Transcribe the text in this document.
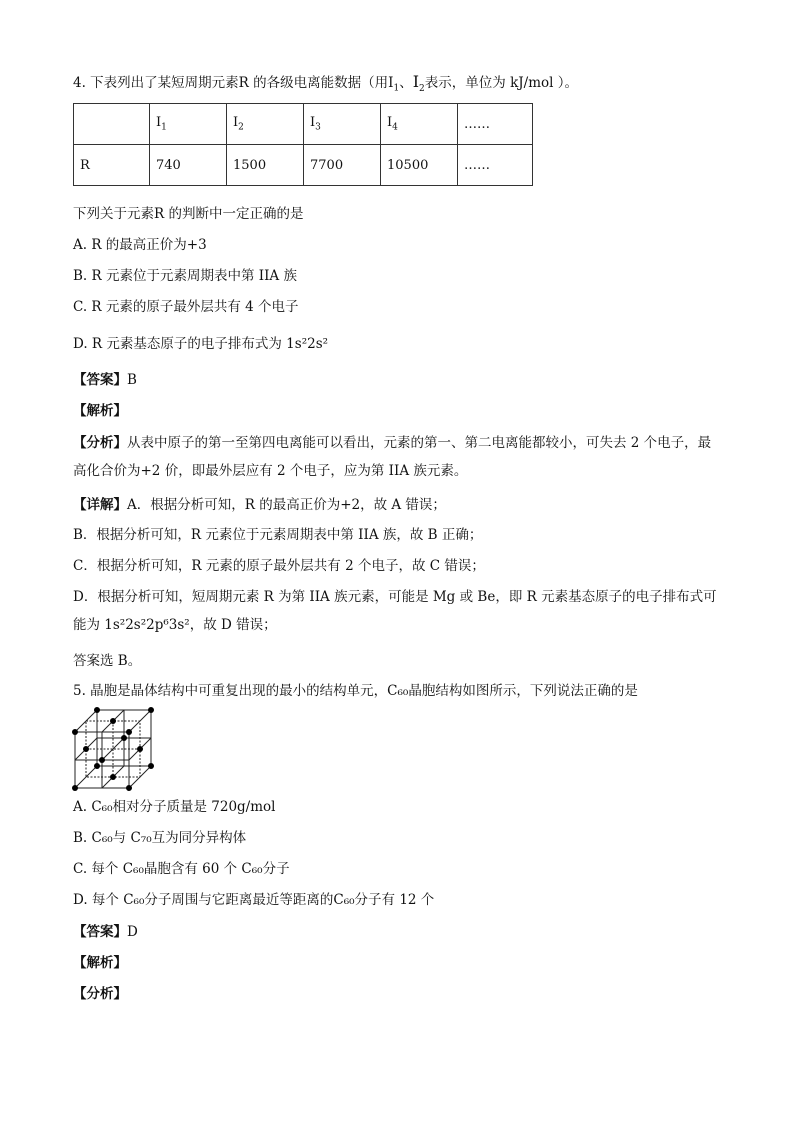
4. 下表列出了某短周期元素R 的各级电离能数据（用$I_1$、$I_2$表示，单位为 kJ/mol ）。
	$I_1$	$I_2$	$I_3$	$I_4$	……
R	740	1500	7700	10500	……
下列关于元素R 的判断中一定正确的是
A. R 的最高正价为+3
B. R 元素位于元素周期表中第 IIA 族
C. R 元素的原子最外层共有 4 个电子
D. R 元素基态原子的电子排布式为 1s²2s²
【答案】B
【解析】
【分析】从表中原子的第一至第四电离能可以看出，元素的第一、第二电离能都较小，可失去 2 个电子，最高化合价为+2 价，即最外层应有 2 个电子，应为第 IIA 族元素。
【详解】A．根据分析可知，R 的最高正价为+2，故 A 错误；
B．根据分析可知，R 元素位于元素周期表中第 IIA 族，故 B 正确；
C．根据分析可知，R 元素的原子最外层共有 2 个电子，故 C 错误；
D．根据分析可知，短周期元素 R 为第 IIA 族元素，可能是 Mg 或 Be，即 R 元素基态原子的电子排布式可能为 1s²2s²2p⁶3s²，故 D 错误；
答案选 B。
5. 晶胞是晶体结构中可重复出现的最小的结构单元，C₆₀晶胞结构如图所示，下列说法正确的是
A. C₆₀相对分子质量是 720g/mol
B. C₆₀与 C₇₀互为同分异构体
C. 每个 C₆₀晶胞含有 60 个 C₆₀分子
D. 每个 C₆₀分子周围与它距离最近等距离的C₆₀分子有 12 个
【答案】D
【解析】
【分析】
